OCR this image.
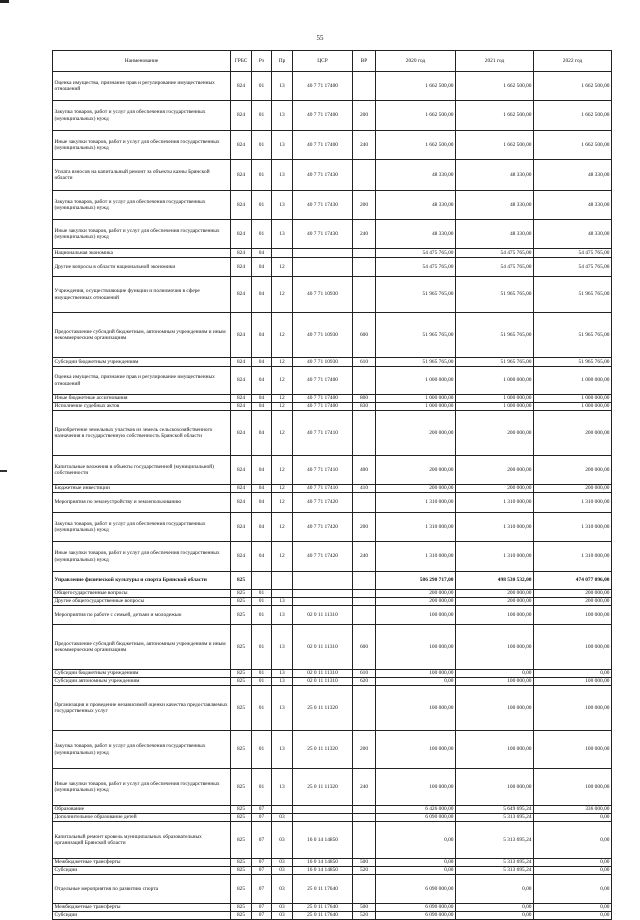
55
Наименование	ГРБС	Рз	Пр	ЦСР	ВР	2020 год	2021 год	2022 год
Оценка имущества, признание прав и регулирование имущественных отношений	824	01	13	40 7 71 17400		1 662 500,00	1 662 500,00	1 662 500,00
Закупка товаров, работ и услуг для обеспечения государственных (муниципальных) нужд	824	01	13	40 7 71 17400	200	1 662 500,00	1 662 500,00	1 662 500,00
Иные закупки товаров, работ и услуг для обеспечения государственных (муниципальных) нужд	824	01	13	40 7 71 17400	240	1 662 500,00	1 662 500,00	1 662 500,00
Уплата взносов на капитальный ремонт за объекты казны Брянской области	824	01	13	40 7 71 17430		48 330,00	48 330,00	48 330,00
Закупка товаров, работ и услуг для обеспечения государственных (муниципальных) нужд	824	01	13	40 7 71 17430	200	48 330,00	48 330,00	48 330,00
Иные закупки товаров, работ и услуг для обеспечения государственных (муниципальных) нужд	824	01	13	40 7 71 17430	240	48 330,00	48 330,00	48 330,00
Национальная экономика	824	04				54 475 765,00	54 475 765,00	54 475 765,00
Другие вопросы в области национальной экономики	824	04	12			54 475 765,00	54 475 765,00	54 475 765,00
Учреждения, осуществляющие функции и полномочия в сфере имущественных отношений	824	04	12	40 7 71 10930		51 965 765,00	51 965 765,00	51 965 765,00
Предоставление субсидий бюджетным, автономным учреждениям и иным некоммерческим организациям	824	04	12	40 7 71 10930	600	51 965 765,00	51 965 765,00	51 965 765,00
Субсидии бюджетным учреждениям	824	04	12	40 7 71 10930	610	51 965 765,00	51 965 765,00	51 965 765,00
Оценка имущества, признание прав и регулирование имущественных отношений	824	04	12	40 7 71 17400		1 000 000,00	1 000 000,00	1 000 000,00
Иные бюджетные ассигнования	824	04	12	40 7 71 17400	800	1 000 000,00	1 000 000,00	1 000 000,00
Исполнение судебных актов	824	04	12	40 7 71 17400	830	1 000 000,00	1 000 000,00	1 000 000,00
Приобретение земельных участков из земель сельскохозяйственного назначения в государственную собственность Брянской области	824	04	12	40 7 71 17410		200 000,00	200 000,00	200 000,00
Капитальные вложения в объекты государственной (муниципальной) собственности	824	04	12	40 7 71 17410	400	200 000,00	200 000,00	200 000,00
Бюджетные инвестиции	824	04	12	40 7 71 17410	410	200 000,00	200 000,00	200 000,00
Мероприятия по землеустройству и землепользованию	824	04	12	40 7 71 17420		1 310 000,00	1 310 000,00	1 310 000,00
Закупка товаров, работ и услуг для обеспечения государственных (муниципальных) нужд	824	04	12	40 7 71 17420	200	1 310 000,00	1 310 000,00	1 310 000,00
Иные закупки товаров, работ и услуг для обеспечения государственных (муниципальных) нужд	824	04	12	40 7 71 17420	240	1 310 000,00	1 310 000,00	1 310 000,00
Управление физической культуры и спорта Брянской области	825					586 290 717,00	498 530 532,00	474 077 096,00
Общегосударственные вопросы	825	01				200 000,00	200 000,00	200 000,00
Другие общегосударственные вопросы	825	01	13			200 000,00	200 000,00	200 000,00
Мероприятия по работе с семьей, детьми и молодежью	825	01	13	02 0 11 11310		100 000,00	100 000,00	100 000,00
Предоставление субсидий бюджетным, автономным учреждениям и иным некоммерческим организациям	825	01	13	02 0 11 11310	600	100 000,00	100 000,00	100 000,00
Субсидии бюджетным учреждениям	825	01	13	02 0 11 11310	610	100 000,00	0,00	0,00
Субсидии автономным учреждениям	825	01	13	02 0 11 11310	620	0,00	100 000,00	100 000,00
Организация и проведение независимой оценки качества предоставляемых государственных услуг	825	01	13	25 0 11 11320		100 000,00	100 000,00	100 000,00
Закупка товаров, работ и услуг для обеспечения государственных (муниципальных) нужд	825	01	13	25 0 11 11320	200	100 000,00	100 000,00	100 000,00
Иные закупки товаров, работ и услуг для обеспечения государственных (муниципальных) нужд	825	01	13	25 0 11 11320	240	100 000,00	100 000,00	100 000,00
Образование	825	07				6 426 000,00	5 649 695,24	336 000,00
Дополнительное образование детей	825	07	03			6 090 000,00	5 313 695,24	0,00
Капитальный ремонт кровель муниципальных образовательных организаций Брянской области	825	07	03	16 0 14 14850		0,00	5 313 695,24	0,00
Межбюджетные трансферты	825	07	03	16 0 14 14850	500	0,00	5 313 695,24	0,00
Субсидии	825	07	03	16 0 14 14850	520	0,00	5 313 695,24	0,00
Отдельные мероприятия по развитию спорта	825	07	03	25 0 11 17640		6 090 000,00	0,00	0,00
Межбюджетные трансферты	825	07	03	25 0 11 17640	500	6 090 000,00	0,00	0,00
Субсидии	825	07	03	25 0 11 17640	520	6 090 000,00	0,00	0,00
